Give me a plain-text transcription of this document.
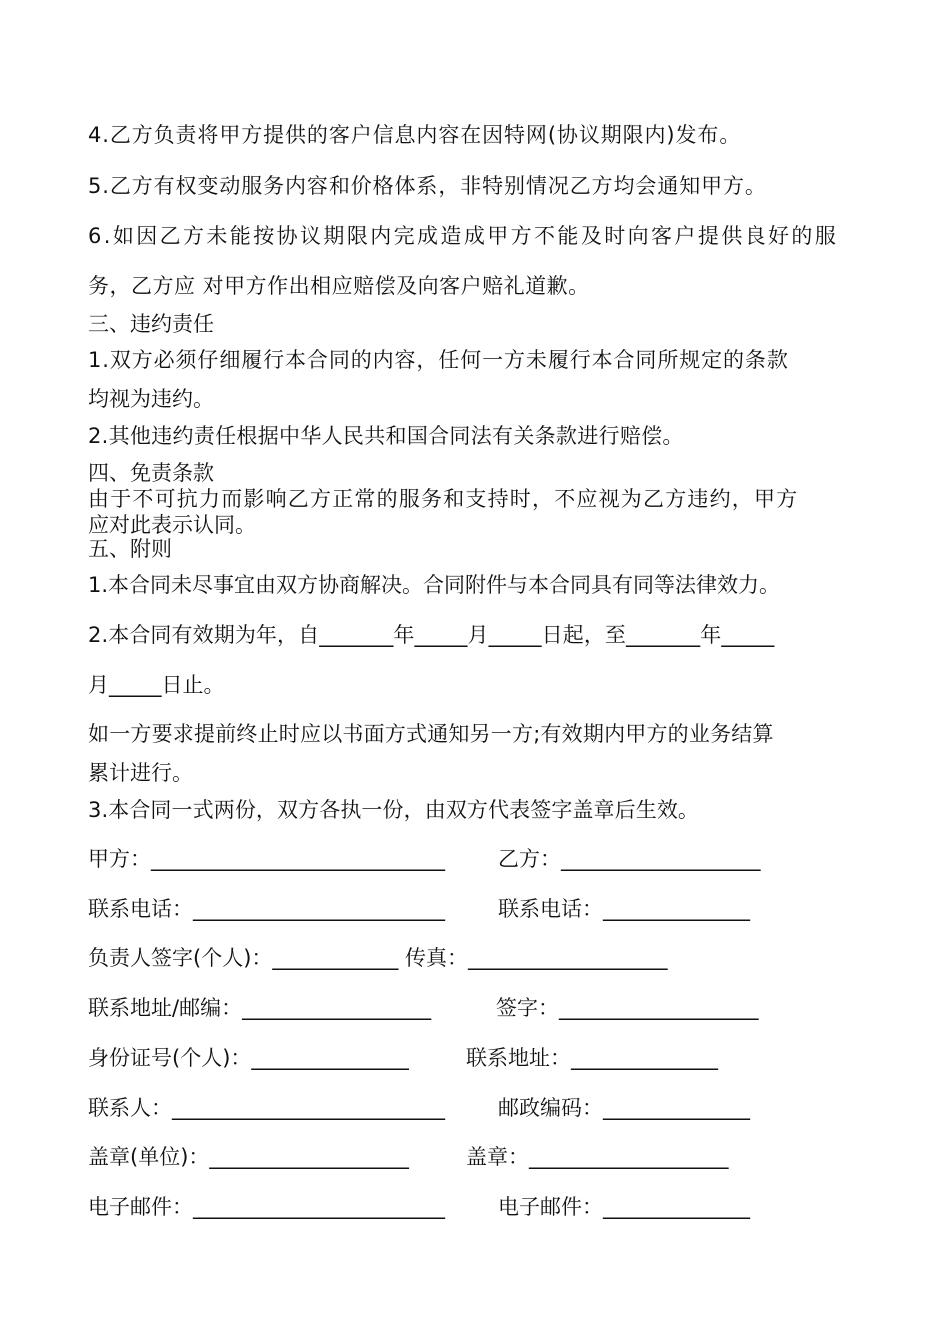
4.乙方负责将甲方提供的客户信息内容在因特网(协议期限内)发布。
5.乙方有权变动服务内容和价格体系，非特别情况乙方均会通知甲方。
6.如因乙方未能按协议期限内完成造成甲方不能及时向客户提供良好的服
务，乙方应 对甲方作出相应赔偿及向客户赔礼道歉。
三、违约责任
1.双方必须仔细履行本合同的内容，任何一方未履行本合同所规定的条款
均视为违约。
2.其他违约责任根据中华人民共和国合同法有关条款进行赔偿。
四、免责条款
由于不可抗力而影响乙方正常的服务和支持时，不应视为乙方违约，甲方
应对此表示认同。
五、附则
1.本合同未尽事宜由双方协商解决。合同附件与本合同具有同等法律效力。
2.本合同有效期为年，自_______年_____月_____日起，至_______年_____
月_____日止。
如一方要求提前终止时应以书面方式通知另一方;有效期内甲方的业务结算
累计进行。
3.本合同一式两份，双方各执一份，由双方代表签字盖章后生效。
甲方：____________________________	乙方：___________________
联系电话：________________________	联系电话：______________
负责人签字(个人)：____________ 传真：___________________
联系地址/邮编：__________________	签字：___________________
身份证号(个人)：_______________	联系地址：______________
联系人：__________________________	邮政编码：______________
盖章(单位)：___________________	盖章：___________________
电子邮件：________________________	电子邮件：______________
